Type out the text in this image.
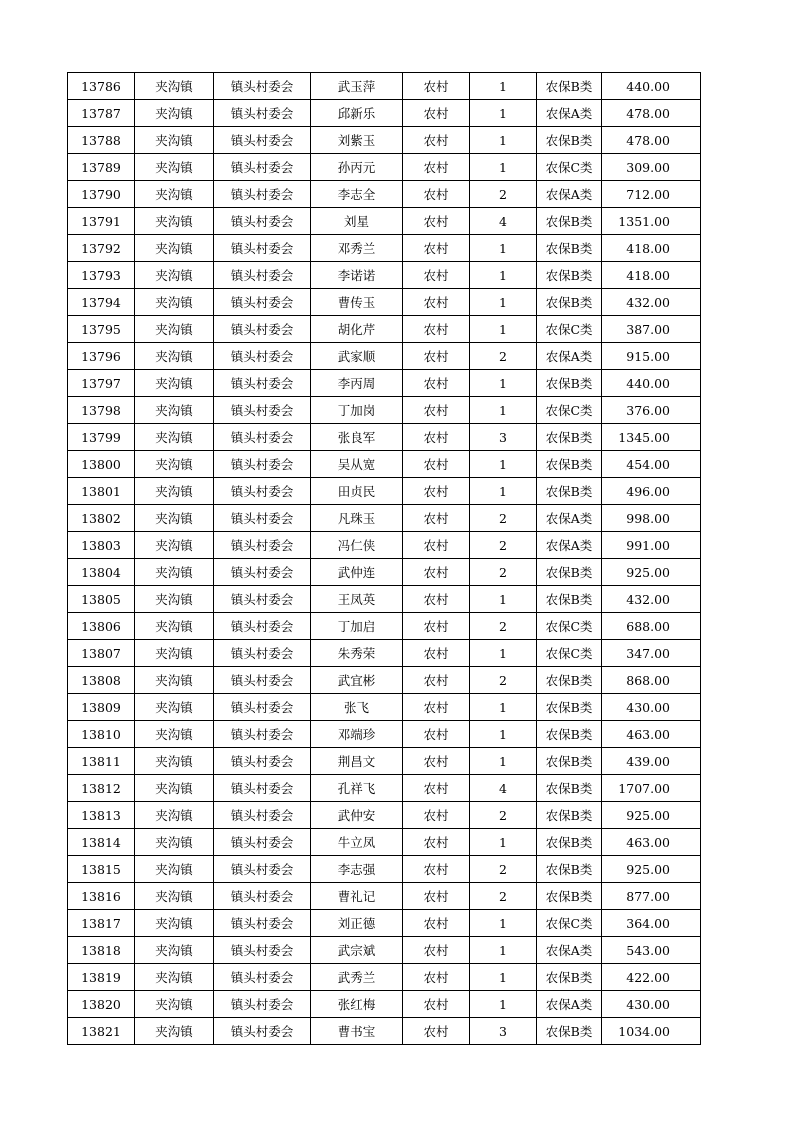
13786	夹沟镇	镇头村委会	武玉萍	农村	1	农保B类	440.00
13787	夹沟镇	镇头村委会	邱新乐	农村	1	农保A类	478.00
13788	夹沟镇	镇头村委会	刘紫玉	农村	1	农保B类	478.00
13789	夹沟镇	镇头村委会	孙丙元	农村	1	农保C类	309.00
13790	夹沟镇	镇头村委会	李志全	农村	2	农保A类	712.00
13791	夹沟镇	镇头村委会	刘星	农村	4	农保B类	1351.00
13792	夹沟镇	镇头村委会	邓秀兰	农村	1	农保B类	418.00
13793	夹沟镇	镇头村委会	李诺诺	农村	1	农保B类	418.00
13794	夹沟镇	镇头村委会	曹传玉	农村	1	农保B类	432.00
13795	夹沟镇	镇头村委会	胡化芹	农村	1	农保C类	387.00
13796	夹沟镇	镇头村委会	武家顺	农村	2	农保A类	915.00
13797	夹沟镇	镇头村委会	李丙周	农村	1	农保B类	440.00
13798	夹沟镇	镇头村委会	丁加岗	农村	1	农保C类	376.00
13799	夹沟镇	镇头村委会	张良军	农村	3	农保B类	1345.00
13800	夹沟镇	镇头村委会	吴从宽	农村	1	农保B类	454.00
13801	夹沟镇	镇头村委会	田贞民	农村	1	农保B类	496.00
13802	夹沟镇	镇头村委会	凡珠玉	农村	2	农保A类	998.00
13803	夹沟镇	镇头村委会	冯仁侠	农村	2	农保A类	991.00
13804	夹沟镇	镇头村委会	武仲连	农村	2	农保B类	925.00
13805	夹沟镇	镇头村委会	王凤英	农村	1	农保B类	432.00
13806	夹沟镇	镇头村委会	丁加启	农村	2	农保C类	688.00
13807	夹沟镇	镇头村委会	朱秀荣	农村	1	农保C类	347.00
13808	夹沟镇	镇头村委会	武宜彬	农村	2	农保B类	868.00
13809	夹沟镇	镇头村委会	张飞	农村	1	农保B类	430.00
13810	夹沟镇	镇头村委会	邓端珍	农村	1	农保B类	463.00
13811	夹沟镇	镇头村委会	荆昌文	农村	1	农保B类	439.00
13812	夹沟镇	镇头村委会	孔祥飞	农村	4	农保B类	1707.00
13813	夹沟镇	镇头村委会	武仲安	农村	2	农保B类	925.00
13814	夹沟镇	镇头村委会	牛立凤	农村	1	农保B类	463.00
13815	夹沟镇	镇头村委会	李志强	农村	2	农保B类	925.00
13816	夹沟镇	镇头村委会	曹礼记	农村	2	农保B类	877.00
13817	夹沟镇	镇头村委会	刘正德	农村	1	农保C类	364.00
13818	夹沟镇	镇头村委会	武宗斌	农村	1	农保A类	543.00
13819	夹沟镇	镇头村委会	武秀兰	农村	1	农保B类	422.00
13820	夹沟镇	镇头村委会	张红梅	农村	1	农保A类	430.00
13821	夹沟镇	镇头村委会	曹书宝	农村	3	农保B类	1034.00
